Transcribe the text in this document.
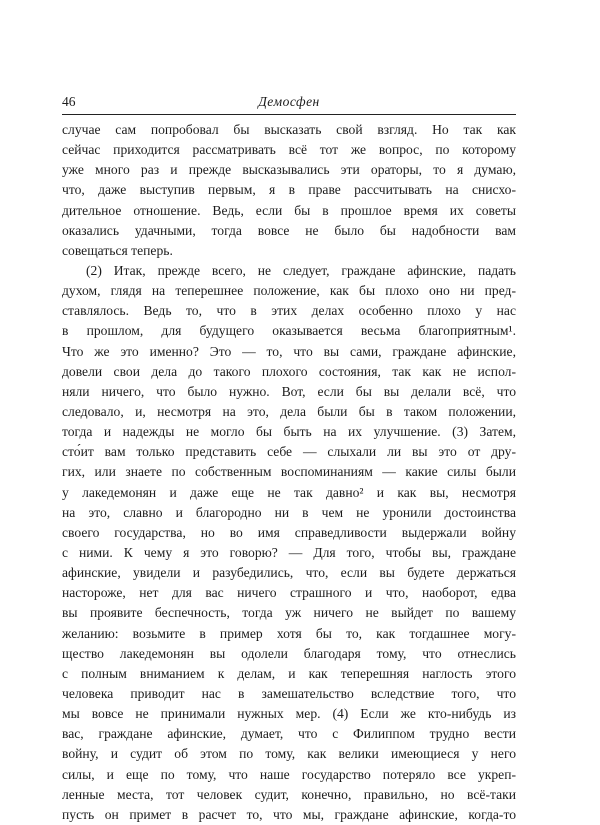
46	Демосфен
случае сам попробовал бы высказать свой взгляд. Но так как
сейчас приходится рассматривать всё тот же вопрос, по которому
уже много раз и прежде высказывались эти ораторы, то я думаю,
что, даже выступив первым, я в праве рассчитывать на снисхо-
дительное отношение. Ведь, если бы в прошлое время их советы
оказались удачными, тогда вовсе не было бы надобности вам
совещаться теперь.
(2) Итак, прежде всего, не следует, граждане афинские, падать
духом, глядя на теперешнее положение, как бы плохо оно ни пред-
ставлялось. Ведь то, что в этих делах особенно плохо у нас
в прошлом, для будущего оказывается весьма благоприятным¹.
Что же это именно? Это — то, что вы сами, граждане афинские,
довели свои дела до такого плохого состояния, так как не испол-
няли ничего, что было нужно. Вот, если бы вы делали всё, что
следовало, и, несмотря на это, дела были бы в таком положении,
тогда и надежды не могло бы быть на их улучшение. (3) Затем,
сто́ит вам только представить себе — слыхали ли вы это от дру-
гих, или знаете по собственным воспоминаниям — какие силы были
у лакедемонян и даже еще не так давно² и как вы, несмотря
на это, славно и благородно ни в чем не уронили достоинства
своего государства, но во имя справедливости выдержали войну
с ними. К чему я это говорю? — Для того, чтобы вы, граждане
афинские, увидели и разубедились, что, если вы будете держаться
настороже, нет для вас ничего страшного и что, наоборот, едва
вы проявите беспечность, тогда уж ничего не выйдет по вашему
желанию: возьмите в пример хотя бы то, как тогдашнее могу-
щество лакедемонян вы одолели благодаря тому, что отнеслись
с полным вниманием к делам, и как теперешняя наглость этого
человека приводит нас в замешательство вследствие того, что
мы вовсе не принимали нужных мер. (4) Если же кто-нибудь из
вас, граждане афинские, думает, что с Филиппом трудно вести
войну, и судит об этом по тому, как велики имеющиеся у него
силы, и еще по тому, что наше государство потеряло все укреп-
ленные места, тот человек судит, конечно, правильно, но всё-таки
пусть он примет в расчет то, что мы, граждане афинские, когда-то
